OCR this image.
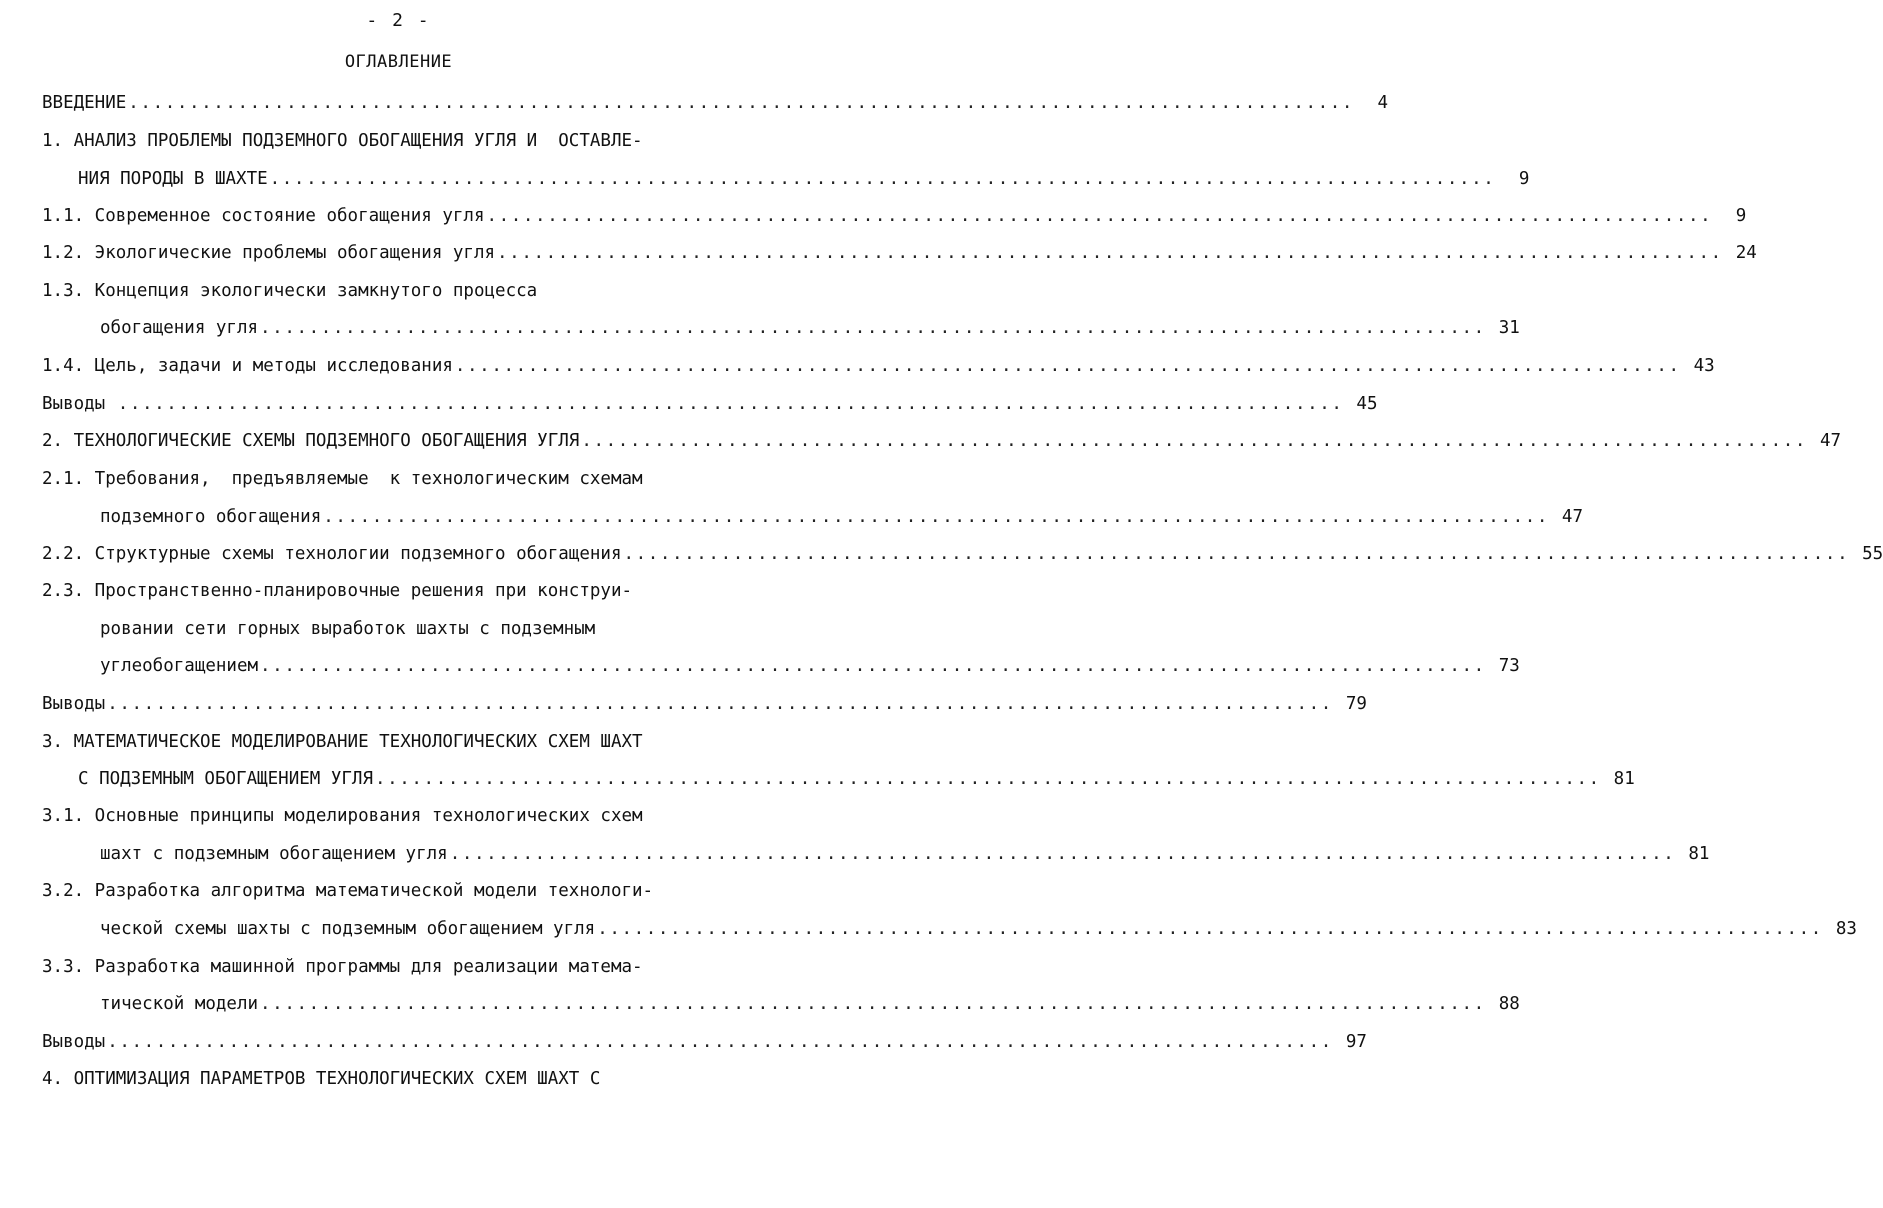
- 2 -
ОГЛАВЛЕНИЕ
ВВЕДЕНИЕ .....................................................................................................	4
1. АНАЛИЗ ПРОБЛЕМЫ ПОДЗЕМНОГО ОБОГАЩЕНИЯ УГЛЯ И  ОСТАВЛЕ-
НИЯ ПОРОДЫ В ШАХТЕ .....................................................................................................	9
1.1. Современное состояние обогащения угля .....................................................................................................	9
1.2. Экологические проблемы обогащения угля ..................................................................................................... 24
1.3. Концепция экологически замкнутого процесса
обогащения угля ..................................................................................................... 31
1.4. Цель, задачи и методы исследования ..................................................................................................... 43
Выводы ..................................................................................................... 45
2. ТЕХНОЛОГИЧЕСКИЕ СХЕМЫ ПОДЗЕМНОГО ОБОГАЩЕНИЯ УГЛЯ ..................................................................................................... 47
2.1. Требования,  предъявляемые  к технологическим схемам
подземного обогащения ..................................................................................................... 47
2.2. Структурные схемы технологии подземного обогащения ..................................................................................................... 55
2.3. Пространственно-планировочные решения при конструи-
ровании сети горных выработок шахты с подземным
углеобогащением ..................................................................................................... 73
Выводы ..................................................................................................... 79
3. МАТЕМАТИЧЕСКОЕ МОДЕЛИРОВАНИЕ ТЕХНОЛОГИЧЕСКИХ СХЕМ ШАХТ
С ПОДЗЕМНЫМ ОБОГАЩЕНИЕМ УГЛЯ ..................................................................................................... 81
3.1. Основные принципы моделирования технологических схем
шахт с подземным обогащением угля ..................................................................................................... 81
3.2. Разработка алгоритма математической модели технологи-
ческой схемы шахты с подземным обогащением угля ..................................................................................................... 83
3.3. Разработка машинной программы для реализации матема-
тической модели ..................................................................................................... 88
Выводы ..................................................................................................... 97
4. ОПТИМИЗАЦИЯ ПАРАМЕТРОВ ТЕХНОЛОГИЧЕСКИХ СХЕМ ШАХТ С
